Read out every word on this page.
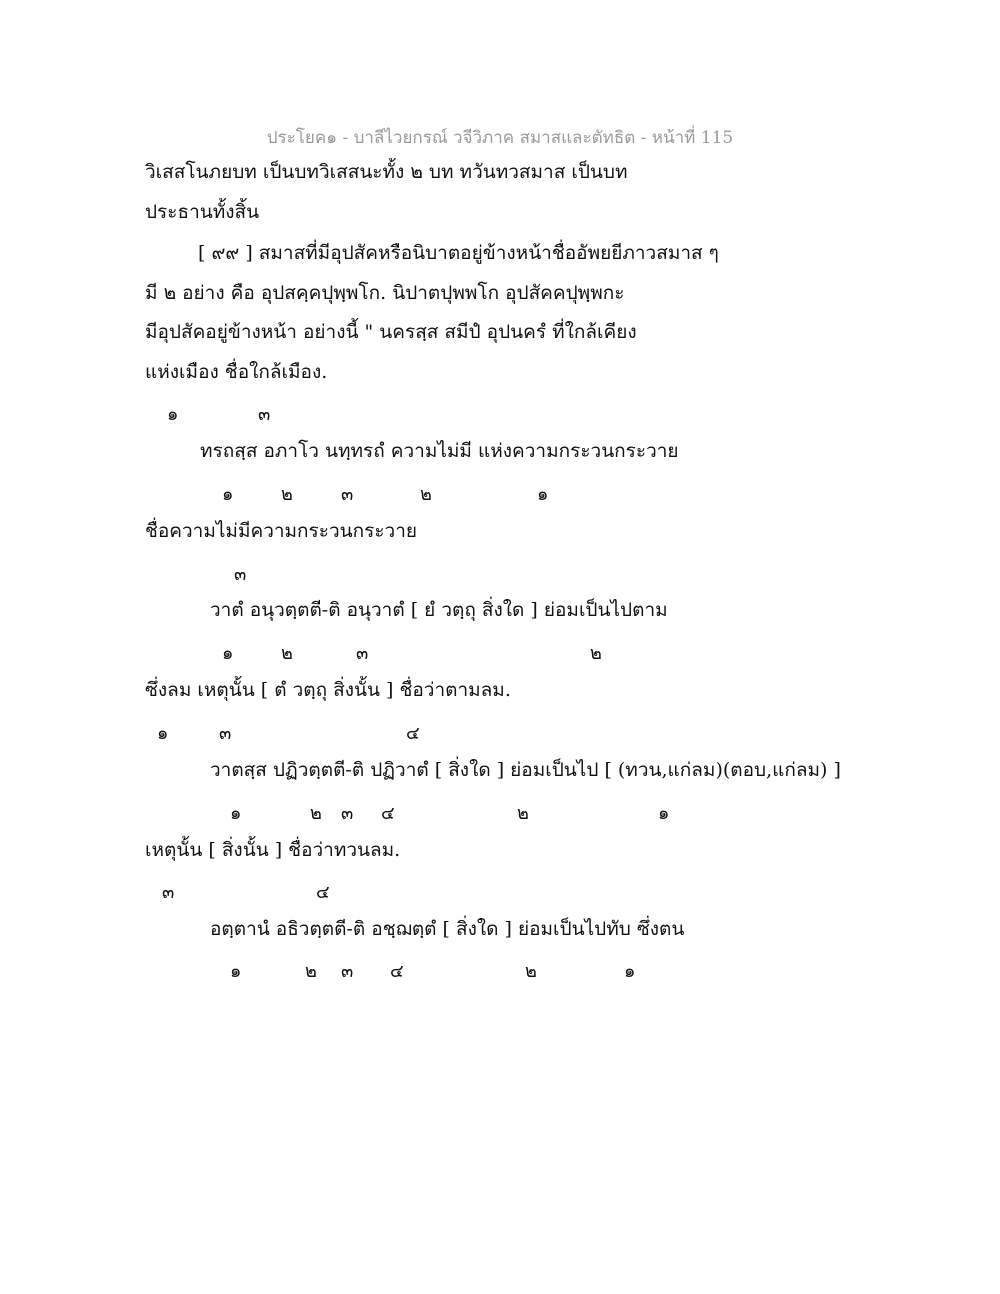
ประโยค๑ - บาลีไวยกรณ์ วจีวิภาค สมาสและตัทธิต - หน้าที่ 115
วิเสสโนภยบท เป็นบทวิเสสนะทั้ง ๒ บท ทวันทวสมาส เป็นบท
ประธานทั้งสิ้น
[ ๙๙ ] สมาสที่มีอุปสัคหรือนิบาตอยู่ข้างหน้าชื่ออัพยยีภาวสมาส ๆ
มี ๒ อย่าง คือ อุปสคฺคปุพฺพโก. นิปาตปุพพโก อุปสัคคปุพฺพกะ
มีอุปสัคอยู่ข้างหน้า อย่างนี้ " นครสฺส สมีปํ อุปนครํ ที่ใกล้เคียง
แห่งเมือง ชื่อใกล้เมือง.
๑	๓
ทรถสฺส อภาโว นทฺทรถํ ความไม่มี แห่งความกระวนกระวาย
๑	๒	๓	๒	๑
ชื่อความไม่มีความกระวนกระวาย
๓
วาตํ อนุวตฺตตี-ติ อนุวาตํ [ ยํ วตฺถุ สิ่งใด ] ย่อมเป็นไปตาม
๑	๒	๓	๒
ซึ่งลม เหตุนั้น [ ตํ วตฺถุ สิ่งนั้น ] ชื่อว่าตามลม.
๑	๓	๔
วาตสฺส ปฏิวตฺตตี-ติ ปฏิวาตํ [ สิ่งใด ] ย่อมเป็นไป [ (ทวน,แก่ลม)(ตอบ,แก่ลม) ]
๑	๒ ๓ ๔	๒	๑
เหตุนั้น [ สิ่งนั้น ] ชื่อว่าทวนลม.
๓	๔
อตฺตานํ อธิวตฺตตี-ติ อชฺฌตฺตํ [ สิ่งใด ] ย่อมเป็นไปทับ ซึ่งตน
๑	๒ ๓ ๔	๒	๑
